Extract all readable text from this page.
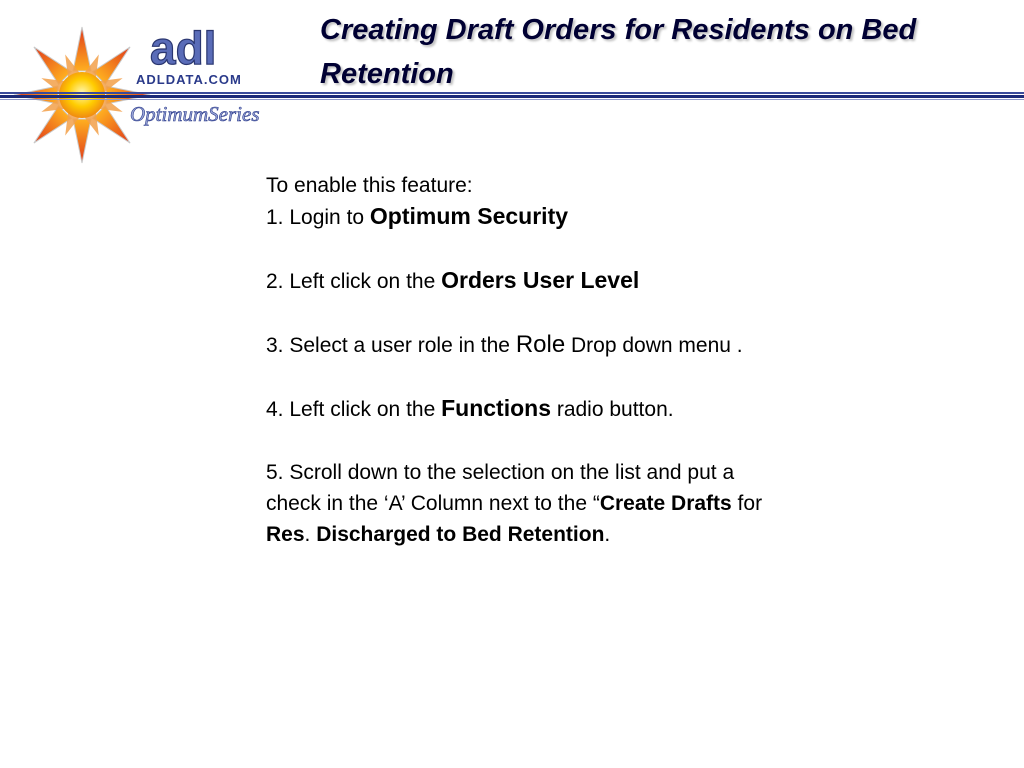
adl
ADLDATA.COM
OptimumSeries
Creating Draft Orders for Residents on Bed Retention
To enable this feature:

1. Login to Optimum Security

2. Left click on the Orders User Level

3. Select a user role in the Role Drop down menu .

4. Left click on the Functions radio button.

5. Scroll down to the selection on the list and put a check in the ‘A’ Column next to the “Create Drafts for Res. Discharged to Bed Retention.
